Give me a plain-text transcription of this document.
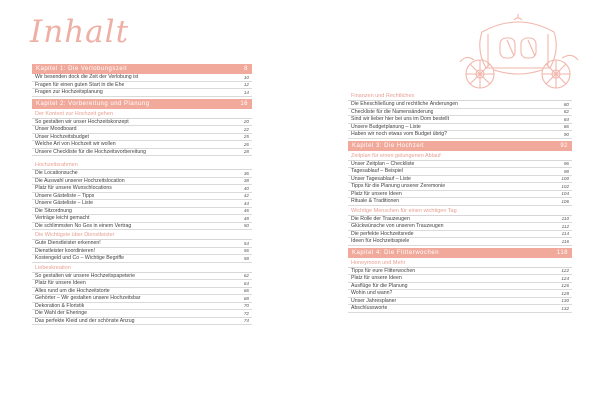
Inhalt
Kapitel 1: Die Verlobungszeit	8
Wir besenden dock die Zeit der Verlobung ist	10
Fragen für einen guten Start in die Ehe	12
Fragen zur Hochzeitsplanung	14
Kapitel 2: Vorbereitung und Planung	16
Der Kontext zur Hochzeit gehen
So gestalten wir unser Hochzeitskonzept	20
Unser Moodboard	22
Unser Hochzeitsbudget	25
Welche Art von Hochzeit wir wollen	26
Unsere Checkliste für die Hochzeitsvorbereitung	28
Hochzeitsrahmen
Die Locationsuche	36
Die Auswahl unserer Hochzeitslocation	38
Platz für unsere Wunschlocations	40
Unsere Gästeliste – Tipps	42
Unsere Gästeliste – Liste	44
Die Sitzordnung	46
Verträge leicht gemacht	48
Die schlimmsten No Gos in einem Vertrag	50
Die Wichtigste über Dienstleister
Gute Dienstleister erkennen!	54
Dienstleister koordinieren!	56
Kostengeld und Co – Wichtige Begriffe	58
Liebeskreation
So gestalten wir unsere Hochzeitspapeterie	62
Platz für unsere Ideen	64
Alles rund um die Hochzeitstorte	66
Gehörter – Wir gestalten unsere Hochzeitsbar	68
Dekoration & Floristik	70
Die Wahl der Eheringe	72
Das perfekte Kleid und der schönste Anzug	74
Finanzen und Rechtliches
Die Eheschließung und rechtliche Änderungen	80
Checkliste für die Namensänderung	82
Sind wir lieber hier bei uns im Dom bestellt	84
Unsere Budgetplanung – Liste	86
Haben wir noch etwas vom Budget übrig?	90
Kapitel 3: Die Hochzeit	92
Zeitplan für einen gelungenen Ablauf
Unser Zeitplan – Checkliste	96
Tagesablauf – Beispiel	98
Unser Tagesablauf – Liste	100
Tipps für die Planung unserer Zeremonie	102
Platz für unsere Ideen	104
Rituale & Traditionen	106
Wichtige Menschen für einen wichtigen Tag
Die Rolle der Trauzeugen	110
Glückwünsche von unseren Trauzeugen	112
Die perfekte Hochzeitsrede	114
Ideen für Hochzeitsspiele	116
Kapitel 4: Die Flitterwochen	118
Honeymoon und Mehr
Tipps für eure Flitterwochen	122
Platz für unsere Ideen	124
Ausflüge für die Planung	126
Wohin und wann?	128
Unser Jahresplaner	130
Abschlussworte	132
